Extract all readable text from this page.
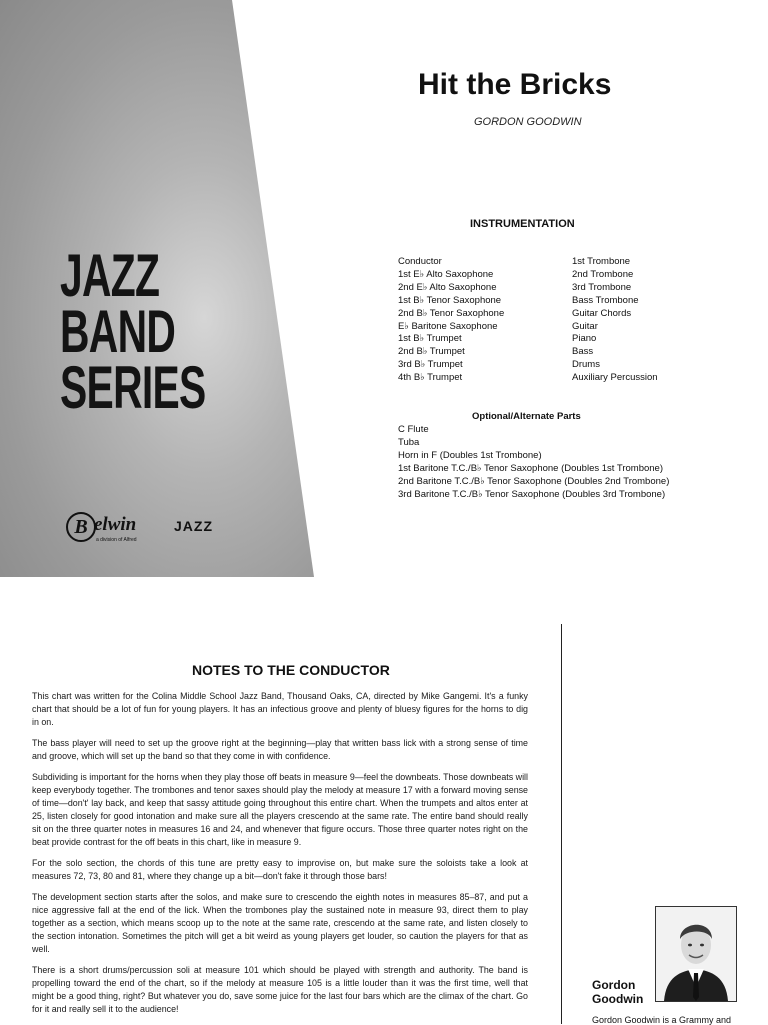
JAZZ
BAND
SERIES
B elwin	JAZZ
a division of Alfred
Hit the Bricks
GORDON GOODWIN
INSTRUMENTATION
Conductor
1st E♭ Alto Saxophone
2nd E♭ Alto Saxophone
1st B♭ Tenor Saxophone
2nd B♭ Tenor Saxophone
E♭ Baritone Saxophone
1st B♭ Trumpet
2nd B♭ Trumpet
3rd B♭ Trumpet
4th B♭ Trumpet
1st Trombone
2nd Trombone
3rd Trombone
Bass Trombone
Guitar Chords
Guitar
Piano
Bass
Drums
Auxiliary Percussion
Optional/Alternate Parts
C Flute
Tuba
Horn in F (Doubles 1st Trombone)
1st Baritone T.C./B♭ Tenor Saxophone (Doubles 1st Trombone)
2nd Baritone T.C./B♭ Tenor Saxophone (Doubles 2nd Trombone)
3rd Baritone T.C./B♭ Tenor Saxophone (Doubles 3rd Trombone)
NOTES TO THE CONDUCTOR

This chart was written for the Colina Middle School Jazz Band, Thousand Oaks, CA, directed by Mike Gangemi. It's a funky chart that should be a lot of fun for young players. It has an infectious groove and plenty of bluesy figures for the horns to dig in on.

The bass player will need to set up the groove right at the beginning—play that written bass lick with a strong sense of time and groove, which will set up the band so that they come in with confidence.

Subdividing is important for the horns when they play those off beats in measure 9—feel the downbeats. Those downbeats will keep everybody together. The trombones and tenor saxes should play the melody at measure 17 with a forward moving sense of time—don't' lay back, and keep that sassy attitude going throughout this entire chart. When the trumpets and altos enter at 25, listen closely for good intonation and make sure all the players crescendo at the same rate. The entire band should really sit on the three quarter notes in measures 16 and 24, and whenever that figure occurs. Those three quarter notes right on the beat provide contrast for the off beats in this chart, like in measure 9.

For the solo section, the chords of this tune are pretty easy to improvise on, but make sure the soloists take a look at measures 72, 73, 80 and 81, where they change up a bit—don't fake it through those bars!

The development section starts after the solos, and make sure to crescendo the eighth notes in measures 85–87, and put a nice aggressive fall at the end of the lick. When the trombones play the sustained note in measure 93, direct them to play together as a section, which means scoop up to the note at the same rate, crescendo at the same rate, and listen closely to the section intonation. Sometimes the pitch will get a bit weird as young players get louder, so caution the players for that as well.

There is a short drums/percussion soli at measure 101 which should be played with strength and authority. The band is propelling toward the end of the chart, so if the melody at measure 105 is a little louder than it was the first time, well that might be a good thing, right? But whatever you do, save some juice for the last four bars which are the climax of the chart. Go for it and really sell it to the audience!

Gordon
Goodwin
Gordon Goodwin is a Grammy and
